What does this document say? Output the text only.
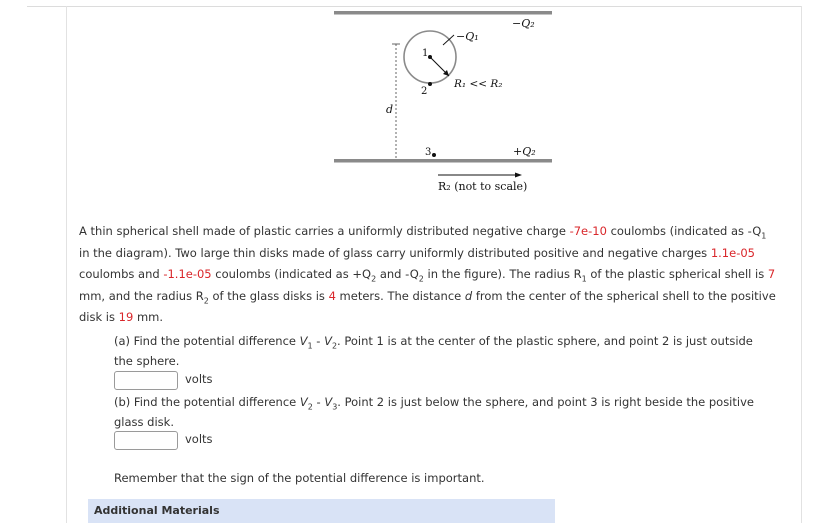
−Q₂
1
2
−Q₁
R₁ << R₂
d
3	+Q₂
R₂ (not to scale)
A thin spherical shell made of plastic carries a uniformly distributed negative charge -7e-10 coulombs (indicated as $-Q_1$ in the diagram). Two large thin disks made of glass carry uniformly distributed positive and negative charges 1.1e-05 coulombs and -1.1e-05 coulombs (indicated as $+Q_2$ and $-Q_2$ in the figure). The radius $R_1$ of the plastic spherical shell is 7 mm, and the radius $R_2$ of the glass disks is 4 meters. The distance d from the center of the spherical shell to the positive disk is 19 mm.
(a) Find the potential difference $V_1 - V_2$. Point 1 is at the center of the plastic sphere, and point 2 is just outside the sphere.
volts
(b) Find the potential difference $V_2 - V_3$. Point 2 is just below the sphere, and point 3 is right beside the positive glass disk.
volts
Remember that the sign of the potential difference is important.
Additional Materials
